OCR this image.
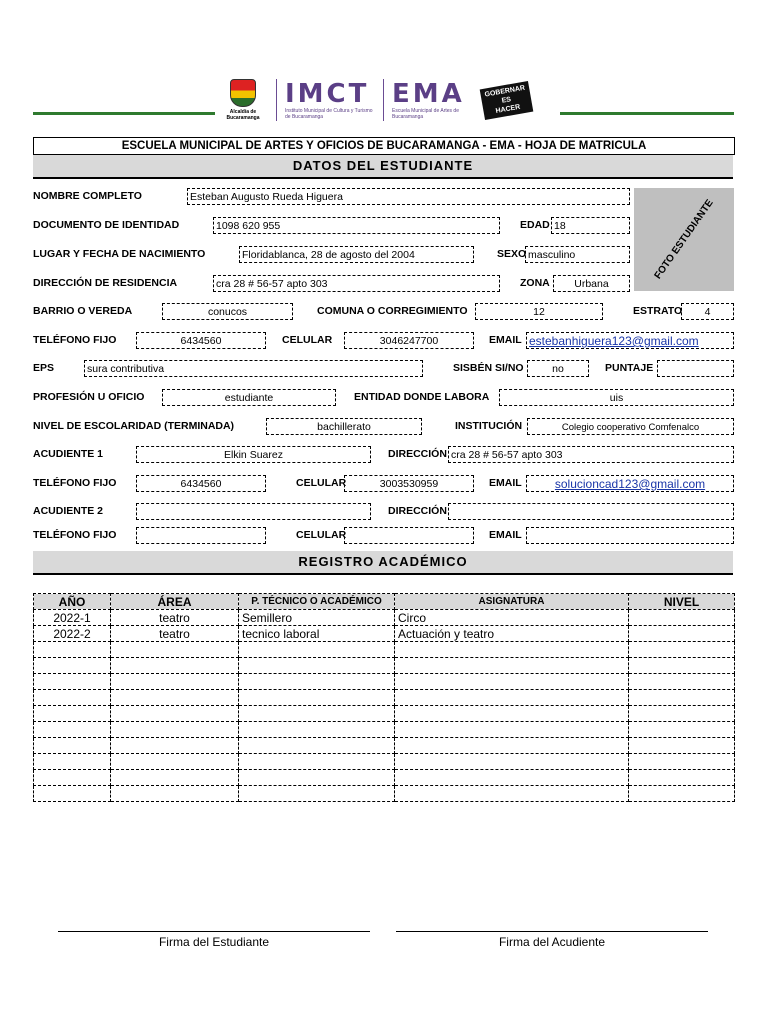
Alcaldía de Bucaramanga
IMCT
Instituto Municipal de Cultura y Turismo de Bucaramanga
EMA
Escuela Municipal de Artes de Bucaramanga
GOBERNAR
ES
HACER
ESCUELA MUNICIPAL DE ARTES Y OFICIOS DE BUCARAMANGA - EMA - HOJA DE MATRICULA
DATOS DEL ESTUDIANTE
FOTO ESTUDIANTE
NOMBRE COMPLETO	Esteban Augusto Rueda Higuera
DOCUMENTO DE IDENTIDAD	1098 620 955	EDAD 18
LUGAR Y FECHA DE NACIMIENTO	Floridablanca, 28 de agosto del 2004	SEXO masculino
DIRECCIÓN DE RESIDENCIA	cra 28 # 56-57 apto 303	ZONA	Urbana
BARRIO O VEREDA	conucos	COMUNA O CORREGIMIENTO	12	ESTRATO	4
TELÉFONO FIJO	6434560	CELULAR	3046247700	EMAIL estebanhiguera123@gmail.com
EPS	sura contributiva	SISBÉN SI/NO	no	PUNTAJE
PROFESIÓN U OFICIO	estudiante	ENTIDAD DONDE LABORA	uis
NIVEL DE ESCOLARIDAD (TERMINADA)	bachillerato	INSTITUCIÓN	Colegio cooperativo Comfenalco
ACUDIENTE 1	Elkin Suarez	DIRECCIÓN cra 28 # 56-57 apto 303
TELÉFONO FIJO	6434560	CELULAR	3003530959	EMAIL	solucioncad123@gmail.com
ACUDIENTE 2	DIRECCIÓN
TELÉFONO FIJO	CELULAR	EMAIL
REGISTRO ACADÉMICO
AÑO	ÁREA	P. TÉCNICO O ACADÉMICO	ASIGNATURA	NIVEL
2022-1	teatro	Semillero	Circo	
2022-2	teatro	tecnico laboral	Actuación y teatro	

Firma del Estudiante	Firma del Acudiente
